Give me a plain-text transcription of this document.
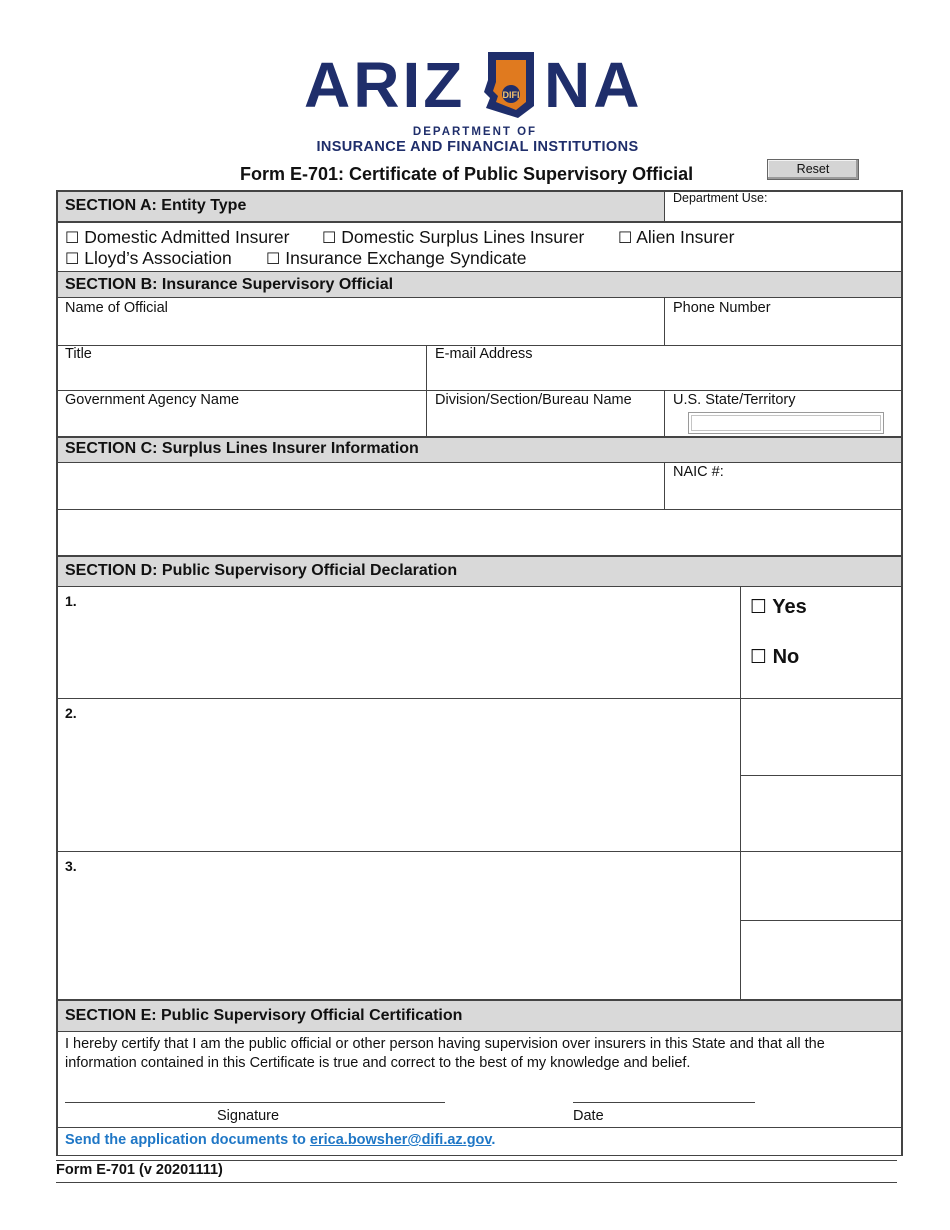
ARIZ	DIFI NA
DEPARTMENT OF
INSURANCE AND FINANCIAL INSTITUTIONS
Form E-701: Certificate of Public Supervisory Official	Reset
SECTION A: Entity Type	Department Use:
☐ Domestic Admitted Insurer ☐ Domestic Surplus Lines Insurer ☐ Alien Insurer
☐ Lloyd’s Association ☐ Insurance Exchange Syndicate
SECTION B: Insurance Supervisory Official
Name of Official	Phone Number
Title	E-mail Address
Government Agency Name	Division/Section/Bureau Name	U.S. State/Territory
SECTION C: Surplus Lines Insurer Information
NAIC #:
SECTION D: Public Supervisory Official Declaration
1.	☐ Yes
☐ No
2.
3.
SECTION E: Public Supervisory Official Certification
I hereby certify that I am the public official or other person having supervision over insurers in this State and that all the information contained in this Certificate is true and correct to the best of my knowledge and belief.
Signature	Date
Send the application documents to erica.bowsher@difi.az.gov.
Form E-701 (v 20201111)
